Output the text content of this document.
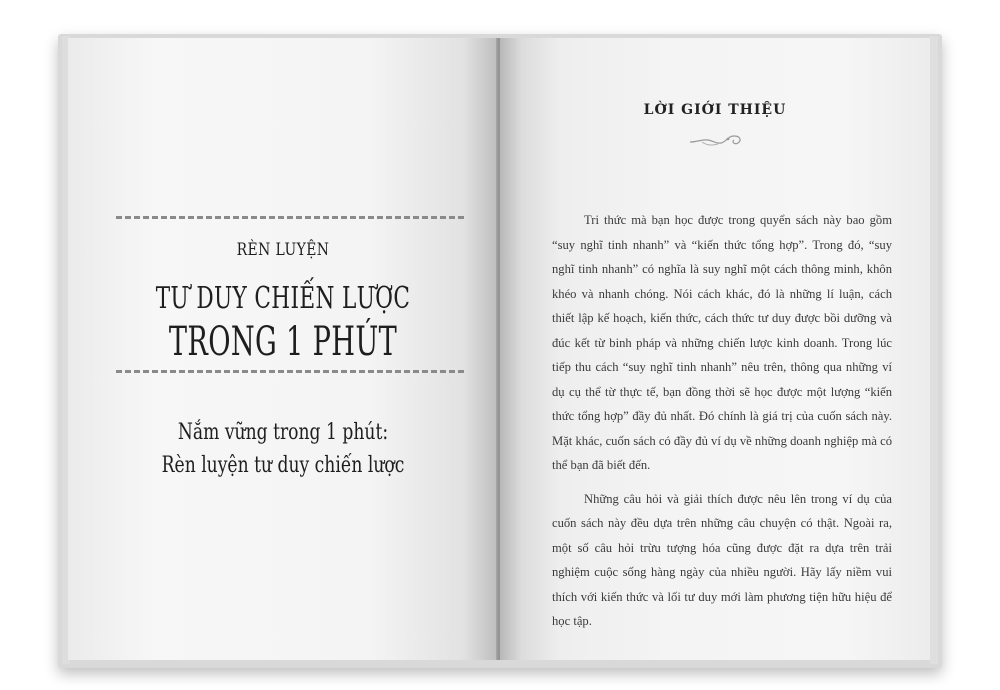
RÈN LUYỆN
TƯ DUY CHIẾN LƯỢC
TRONG 1 PHÚT
Nắm vững trong 1 phút:
Rèn luyện tư duy chiến lược
LỜI GIỚI THIỆU

Tri thức mà bạn học được trong quyển sách này bao gồm “suy nghĩ tinh nhanh” và “kiến thức tổng hợp”. Trong đó, “suy nghĩ tinh nhanh” có nghĩa là suy nghĩ một cách thông minh, khôn khéo và nhanh chóng. Nói cách khác, đó là những lí luận, cách thiết lập kế hoạch, kiến thức, cách thức tư duy được bồi dưỡng và đúc kết từ binh pháp và những chiến lược kinh doanh. Trong lúc tiếp thu cách “suy nghĩ tinh nhanh” nêu trên, thông qua những ví dụ cụ thể từ thực tế, bạn đồng thời sẽ học được một lượng “kiến thức tổng hợp” đầy đủ nhất. Đó chính là giá trị của cuốn sách này. Mặt khác, cuốn sách có đầy đủ ví dụ về những doanh nghiệp mà có thể bạn đã biết đến.

Những câu hỏi và giải thích được nêu lên trong ví dụ của cuốn sách này đều dựa trên những câu chuyện có thật. Ngoài ra, một số câu hỏi trừu tượng hóa cũng được đặt ra dựa trên trải nghiệm cuộc sống hàng ngày của nhiều người. Hãy lấy niềm vui thích với kiến thức và lối tư duy mới làm phương tiện hữu hiệu để học tập.
